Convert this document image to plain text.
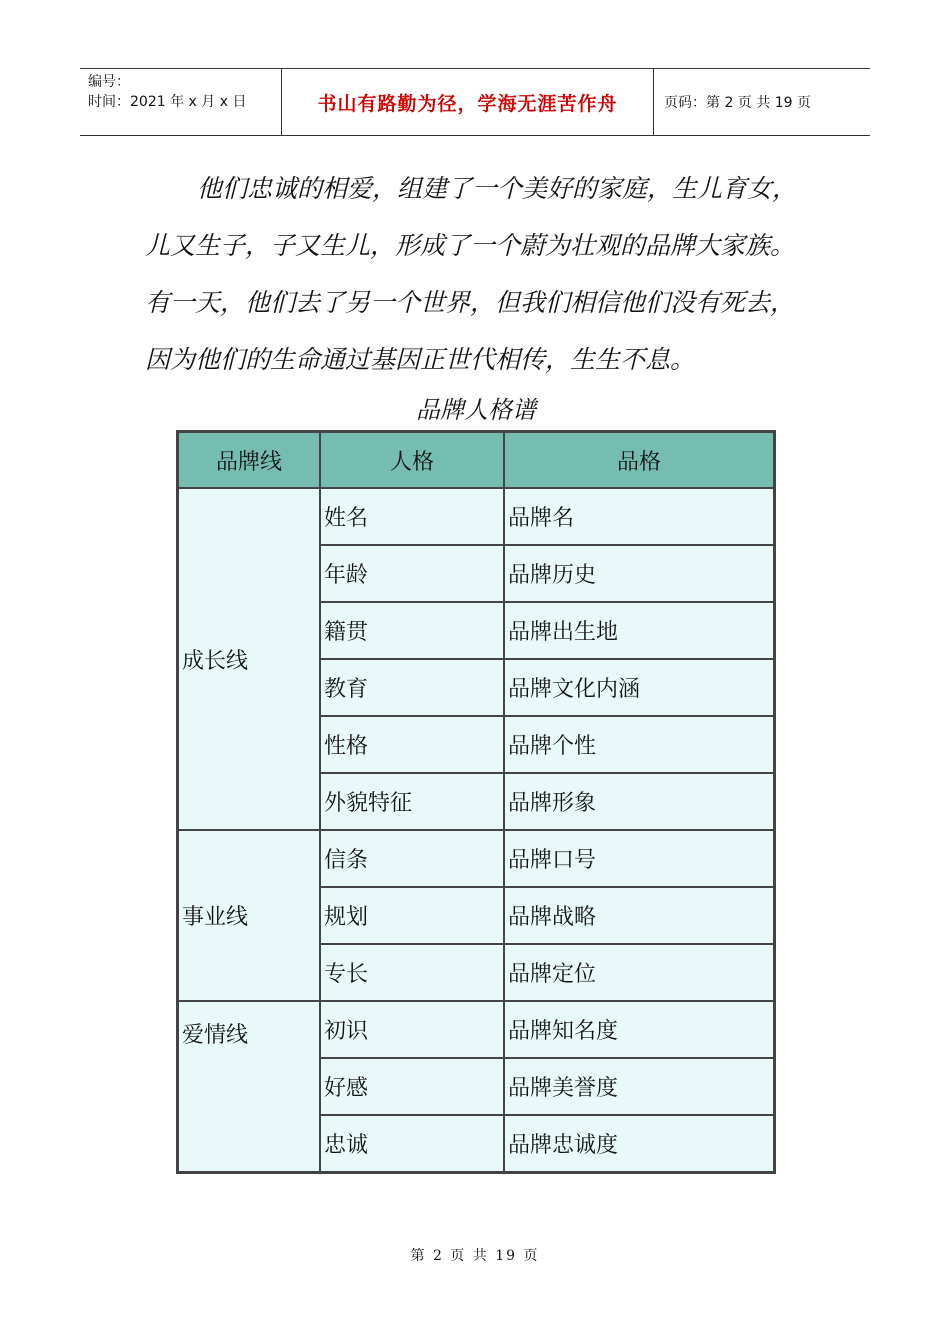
编号：
时间：2021 年 x 月 x 日	书山有路勤为径，学海无涯苦作舟	页码：第 2 页 共 19 页

他们忠诚的相爱，组建了一个美好的家庭，生儿育女，

儿又生子，子又生儿，形成了一个蔚为壮观的品牌大家族。

有一天，他们去了另一个世界，但我们相信他们没有死去，

因为他们的生命通过基因正世代相传，生生不息。

品牌人格谱
品牌线	人格	品格
成长线	姓名	品牌名
	年龄	品牌历史
	籍贯	品牌出生地
	教育	品牌文化内涵
	性格	品牌个性
	外貌特征	品牌形象
事业线	信条	品牌口号
	规划	品牌战略
	专长	品牌定位
爱情线	初识	品牌知名度
	好感	品牌美誉度
	忠诚	品牌忠诚度
第 2 页 共 19 页
